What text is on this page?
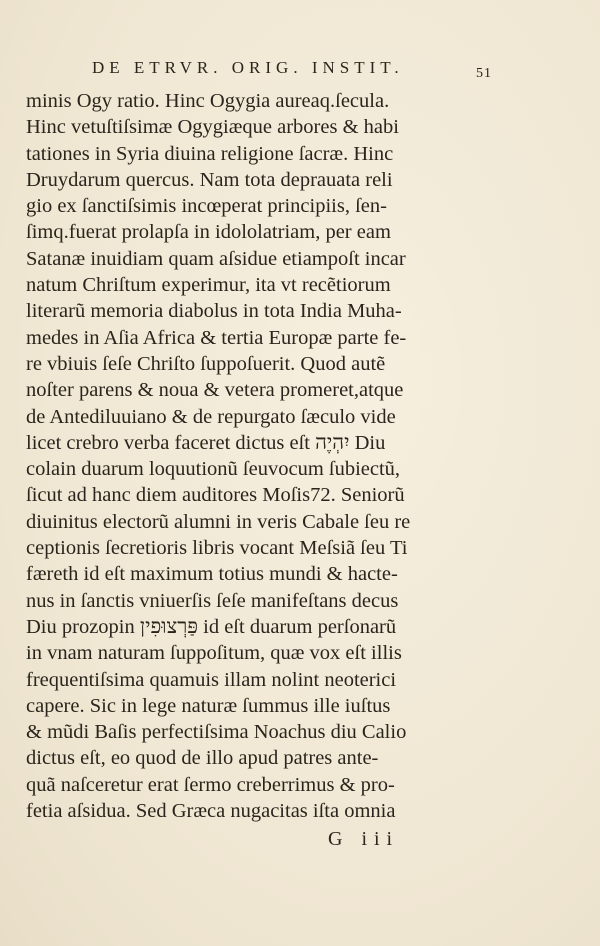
DE ETRVR. ORIG. INSTIT.	51
minis Ogy ratio. Hinc Ogygia aureaq.ſecula.
Hinc vetuſtiſsimæ Ogygiæque arbores & habi
tationes in Syria diuina religione ſacræ. Hinc
Druydarum quercus. Nam tota deprauata reli
gio ex ſanctiſsimis incœperat principiis, ſen-
ſimq.fuerat prolapſa in idololatriam, per eam
Satanæ inuidiam quam aſsidue etiampoſt incar
natum Chriſtum experimur, ita vt recẽtiorum
literarũ memoria diabolus in tota India Muha-
medes in Aſia Africa & tertia Europæ parte fe-
re vbiuis ſeſe Chriſto ſuppoſuerit. Quod autẽ
noſter parens & noua & vetera promeret,atque
de Antediluuiano & de repurgato ſæculo vide
licet crebro verba faceret dictus eſt יִהְיֶה Diu
colain duarum loquutionũ ſeuvocum ſubiectũ,
ſicut ad hanc diem auditores Moſis72. Seniorũ
diuinitus electorũ alumni in veris Cabale ſeu re
ceptionis ſecretioris libris vocant Meſsiã ſeu Ti
færeth id eſt maximum totius mundi & hacte-
nus in ſanctis vniuerſis ſeſe manifeſtans decus
Diu prozopin פַּרְצוּפִין id eſt duarum perſonarũ
in vnam naturam ſuppoſitum, quæ vox eſt illis
frequentiſsima quamuis illam nolint neoterici
capere. Sic in lege naturæ ſummus ille iuſtus
& mũdi Baſis perfectiſsima Noachus diu Calio
dictus eſt, eo quod de illo apud patres ante-
quã naſceretur erat ſermo creberrimus & pro-
fetia aſsidua. Sed Græca nugacitas iſta omnia
G iii
